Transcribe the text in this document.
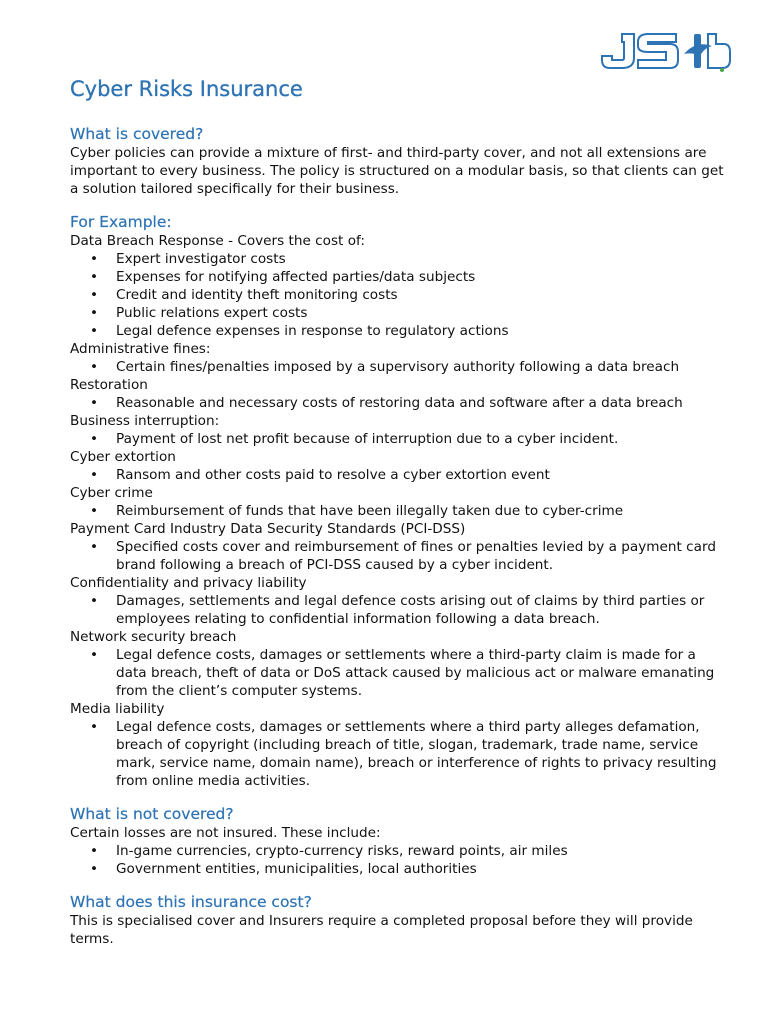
Cyber Risks Insurance
What is covered?

Cyber policies can provide a mixture of first- and third-party cover, and not all extensions are important to every business. The policy is structured on a modular basis, so that clients can get a solution tailored specifically for their business.

For Example:

Data Breach Response - Covers the cost of:

• Expert investigator costs
• Expenses for notifying affected parties/data subjects
• Credit and identity theft monitoring costs
• Public relations expert costs
• Legal defence expenses in response to regulatory actions

Administrative fines:

• Certain fines/penalties imposed by a supervisory authority following a data breach

Restoration

• Reasonable and necessary costs of restoring data and software after a data breach

Business interruption:

• Payment of lost net profit because of interruption due to a cyber incident.

Cyber extortion

• Ransom and other costs paid to resolve a cyber extortion event

Cyber crime

• Reimbursement of funds that have been illegally taken due to cyber-crime

Payment Card Industry Data Security Standards (PCI-DSS)

• Specified costs cover and reimbursement of fines or penalties levied by a payment card brand following a breach of PCI-DSS caused by a cyber incident.

Confidentiality and privacy liability

• Damages, settlements and legal defence costs arising out of claims by third parties or employees relating to confidential information following a data breach.

Network security breach

• Legal defence costs, damages or settlements where a third-party claim is made for a data breach, theft of data or DoS attack caused by malicious act or malware emanating from the client’s computer systems.

Media liability

• Legal defence costs, damages or settlements where a third party alleges defamation, breach of copyright (including breach of title, slogan, trademark, trade name, service mark, service name, domain name), breach or interference of rights to privacy resulting from online media activities.
What is not covered?

Certain losses are not insured. These include:

• In-game currencies, crypto-currency risks, reward points, air miles
• Government entities, municipalities, local authorities
What does this insurance cost?

This is specialised cover and Insurers require a completed proposal before they will provide terms.
